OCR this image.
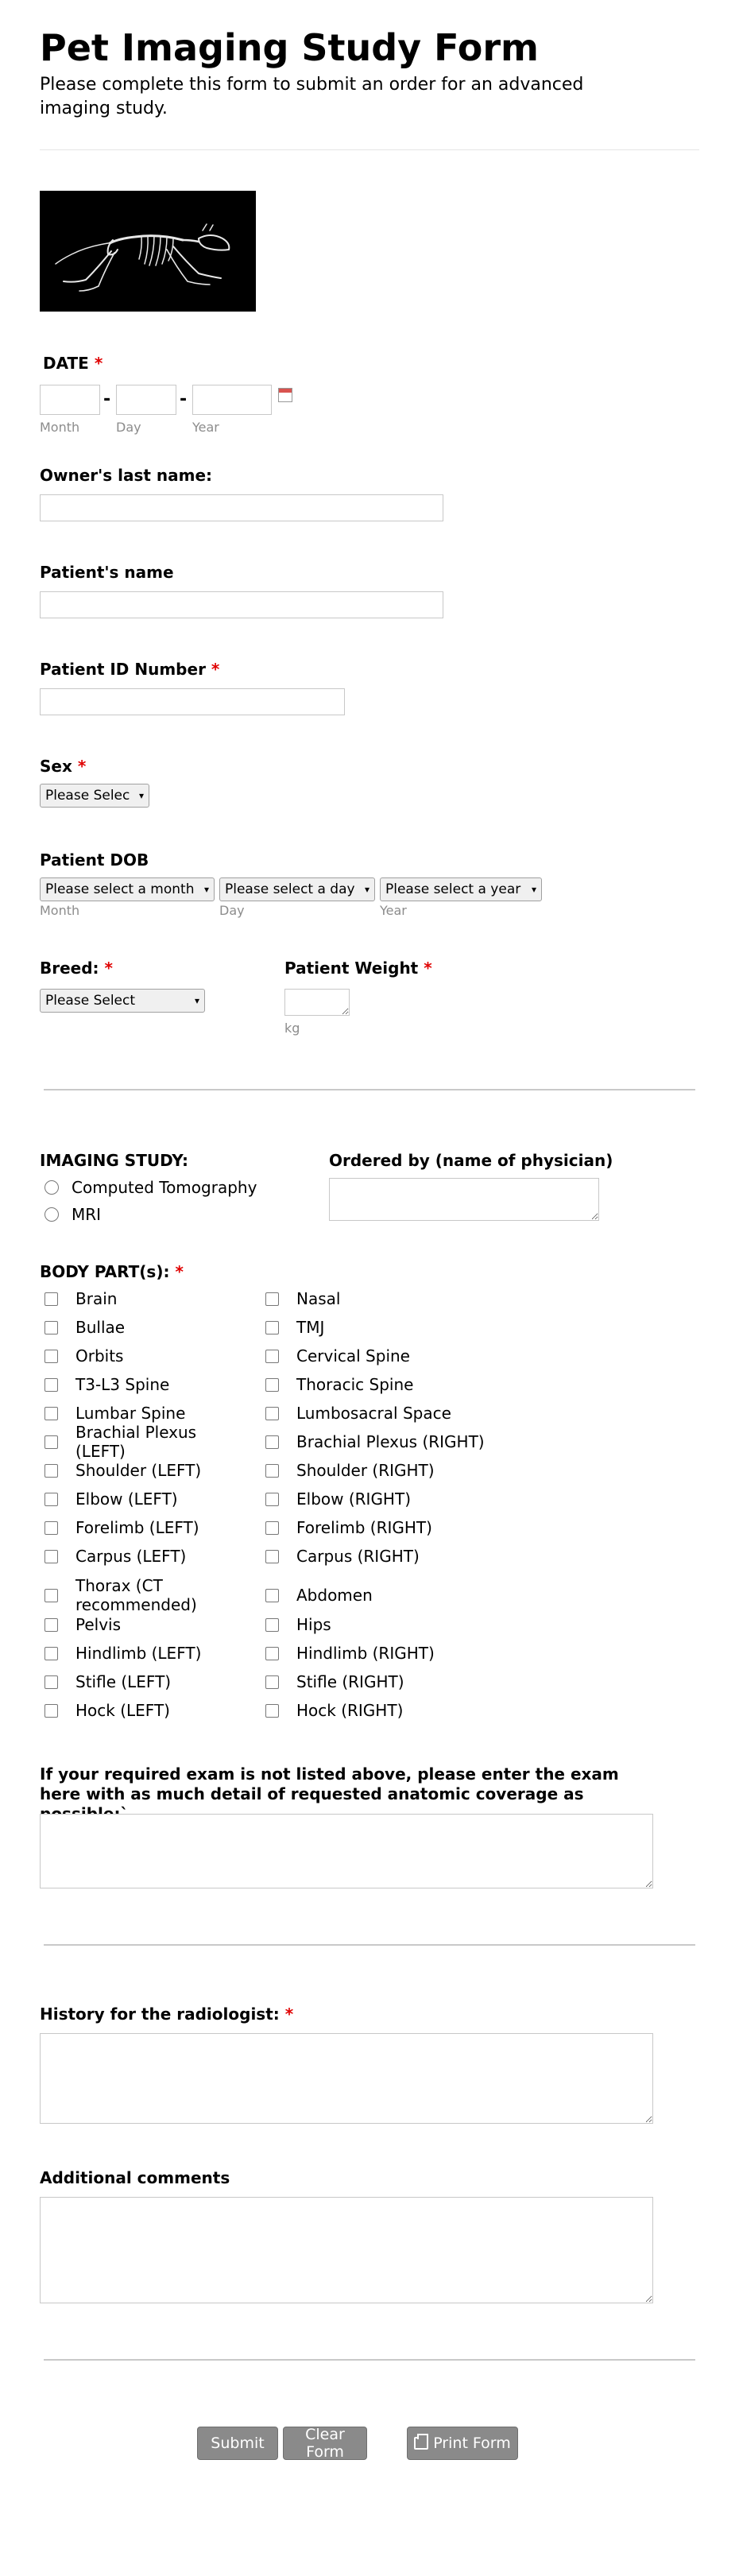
Pet Imaging Study Form

Please complete this form to submit an order for an advanced imaging study.

DATE *
-	-
Month	Day	Year
Owner's last name:
Patient's name
Patient ID Number *
Sex *
Please Selec ▾
Patient DOB
Please select a month ▾ Please select a day ▾ Please select a year ▾
Month	Day	Year
Breed: *
Please Select	▾
Patient Weight *
kg
IMAGING STUDY:
Computed Tomography
MRI
Ordered by (name of physician)
BODY PART(s): *
Brain
Bullae
Orbits
T3-L3 Spine
Lumbar Spine
Brachial Plexus (LEFT)
Shoulder (LEFT)
Elbow (LEFT)
Forelimb (LEFT)
Carpus (LEFT)
Thorax (CT recommended)
Pelvis
Hindlimb (LEFT)
Stifle (LEFT)
Hock (LEFT)
Nasal
TMJ
Cervical Spine
Thoracic Spine
Lumbosacral Space
Brachial Plexus (RIGHT)
Shoulder (RIGHT)
Elbow (RIGHT)
Forelimb (RIGHT)
Carpus (RIGHT)
Abdomen
Hips
Hindlimb (RIGHT)
Stifle (RIGHT)
Hock (RIGHT)
If your required exam is not listed above, please enter the exam here with as much detail of requested anatomic coverage as
History for the radiologist: *
Additional comments
Submit	Clear Form	Print Form
